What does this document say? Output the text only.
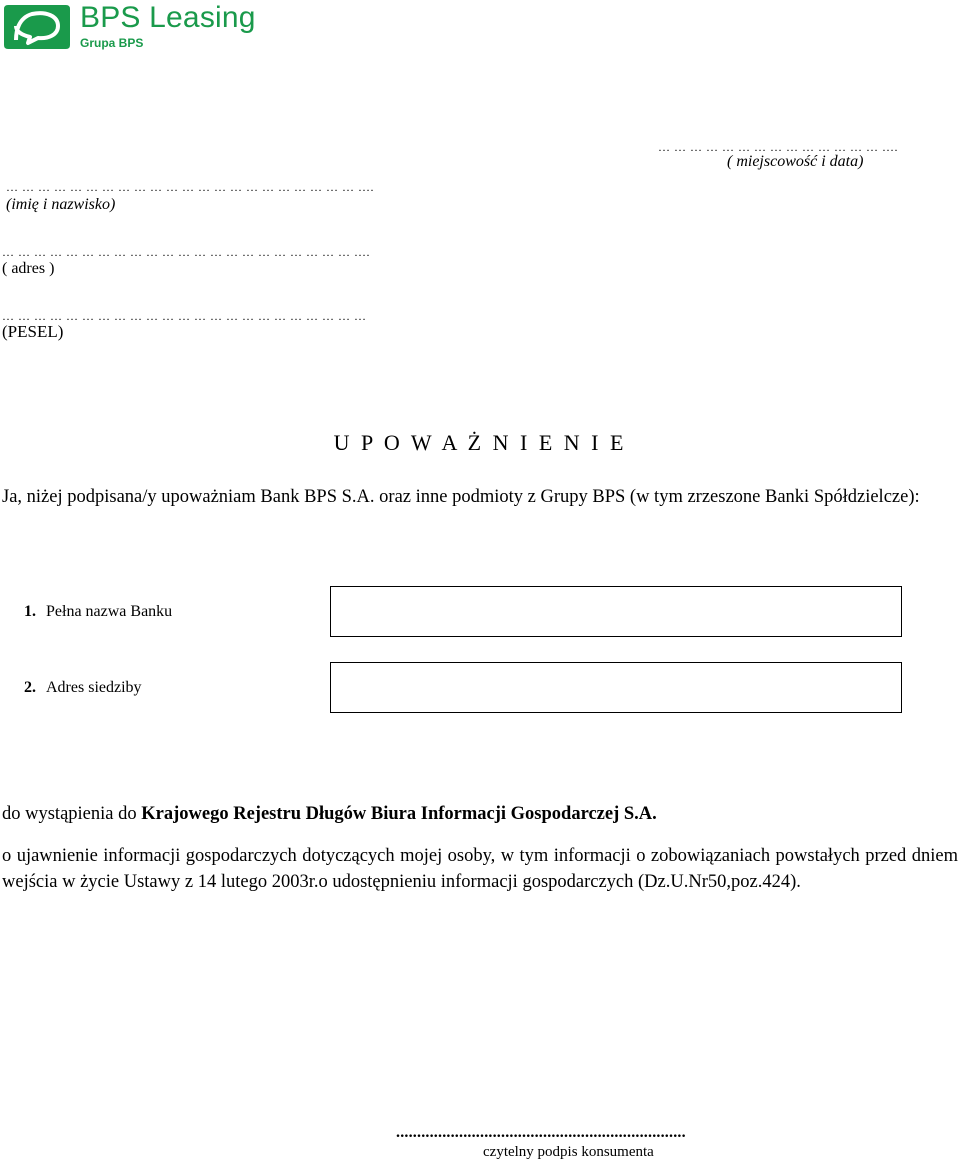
BPS Leasing
Grupa BPS
… … … … … … … … … … … … … … ….
( miejscowość i data)
… … … … … … … … … … … … … … … … … … … … … … ….
(imię i nazwisko)
… … … … … … … … … … … … … … … … … … … … … … ….
( adres )
… … … … … … … … … … … … … … … … … … … … … … …
(PESEL)
U P O W A Ż N I E N I E
Ja, niżej podpisana/y upoważniam Bank BPS S.A. oraz inne podmioty z Grupy BPS (w tym zrzeszone Banki Spółdzielcze):
1. Pełna nazwa Banku
2. Adres siedziby
do wystąpienia do Krajowego Rejestru Długów Biura Informacji Gospodarczej S.A.
o ujawnienie informacji gospodarczych dotyczących mojej osoby, w tym informacji o zobowiązaniach powstałych przed dniem wejścia w życie Ustawy z 14 lutego 2003r.o udostępnieniu informacji gospodarczych (Dz.U.Nr50,poz.424).
.....................................................................
czytelny podpis konsumenta
